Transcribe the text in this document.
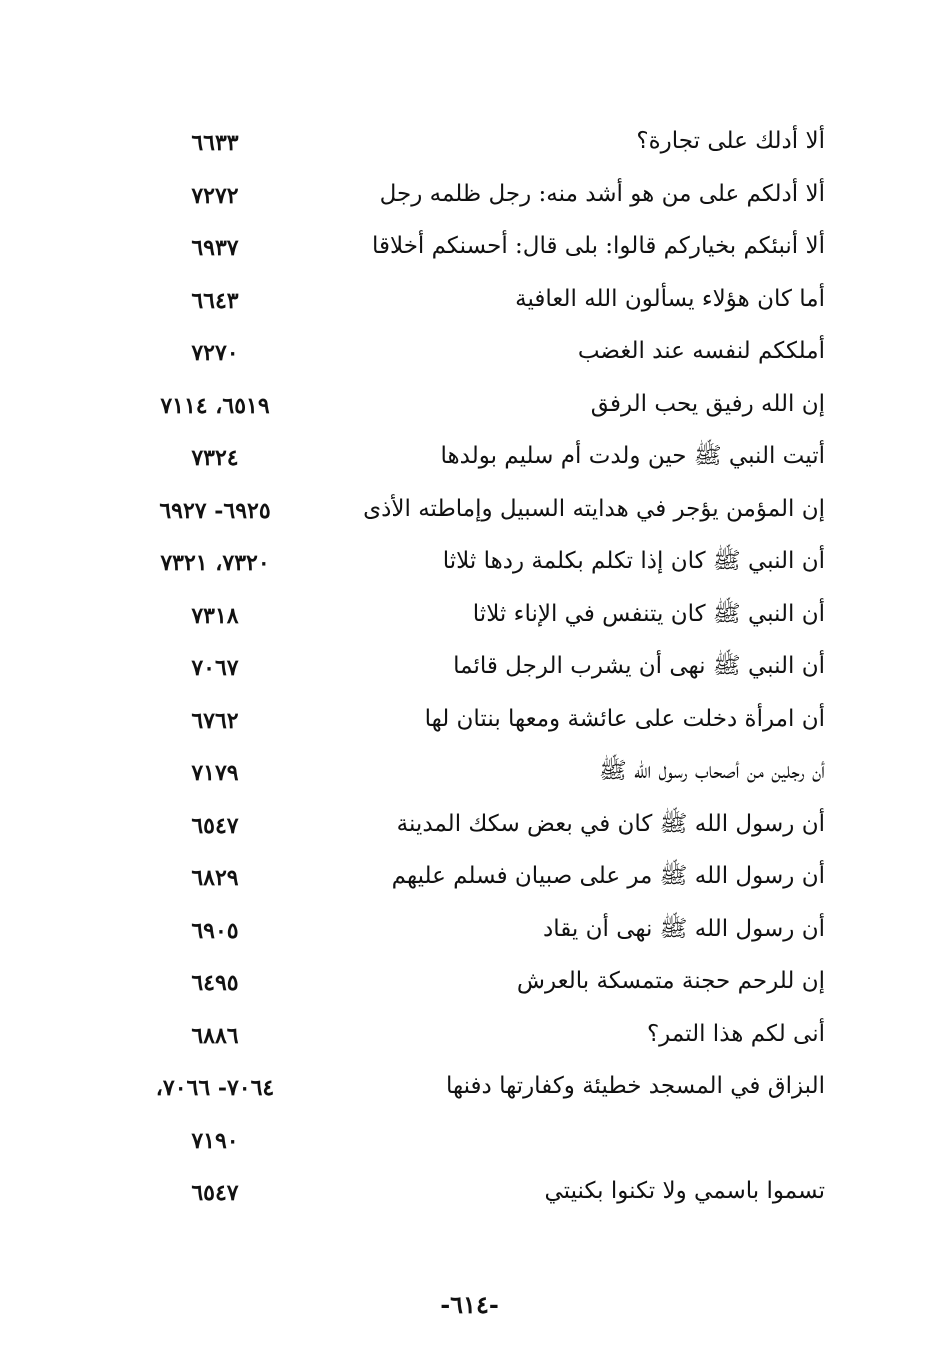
ألا أدلك على تجارة؟
٦٦٣٣
ألا أدلكم على من هو أشد منه: رجل ظلمه رجل
٧٢٧٢
ألا أنبئكم بخياركم قالوا: بلى قال: أحسنكم أخلاقا
٦٩٣٧
أما كان هؤلاء يسألون الله العافية
٦٦٤٣
أملككم لنفسه عند الغضب
٧٢٧٠
إن الله رفيق يحب الرفق
٦٥١٩، ٧١١٤
أتيت النبي ﷺ حين ولدت أم سليم بولدها
٧٣٢٤
إن المؤمن يؤجر في هدايته السبيل وإماطته الأذى
٦٩٢٥- ٦٩٢٧
أن النبي ﷺ كان إذا تكلم بكلمة ردها ثلاثا
٧٣٢٠، ٧٣٢١
أن النبي ﷺ كان يتنفس في الإناء ثلاثا
٧٣١٨
أن النبي ﷺ نهى أن يشرب الرجل قائما
٧٠٦٧
أن امرأة دخلت على عائشة ومعها بنتان لها
٦٧٦٢
أن رجلين من أصحاب رسول الله ﷺ
٧١٧٩
أن رسول الله ﷺ كان في بعض سكك المدينة
٦٥٤٧
أن رسول الله ﷺ مر على صبيان فسلم عليهم
٦٨٢٩
أن رسول الله ﷺ نهى أن يقاد
٦٩٠٥
إن للرحم حجنة متمسكة بالعرش
٦٤٩٥
أنى لكم هذا التمر؟
٦٨٨٦
البزاق في المسجد خطيئة وكفارتها دفنها
٧٠٦٤- ٧٠٦٦،
٧١٩٠
تسموا باسمي ولا تكنوا بكنيتي
٦٥٤٧
-٦١٤-
